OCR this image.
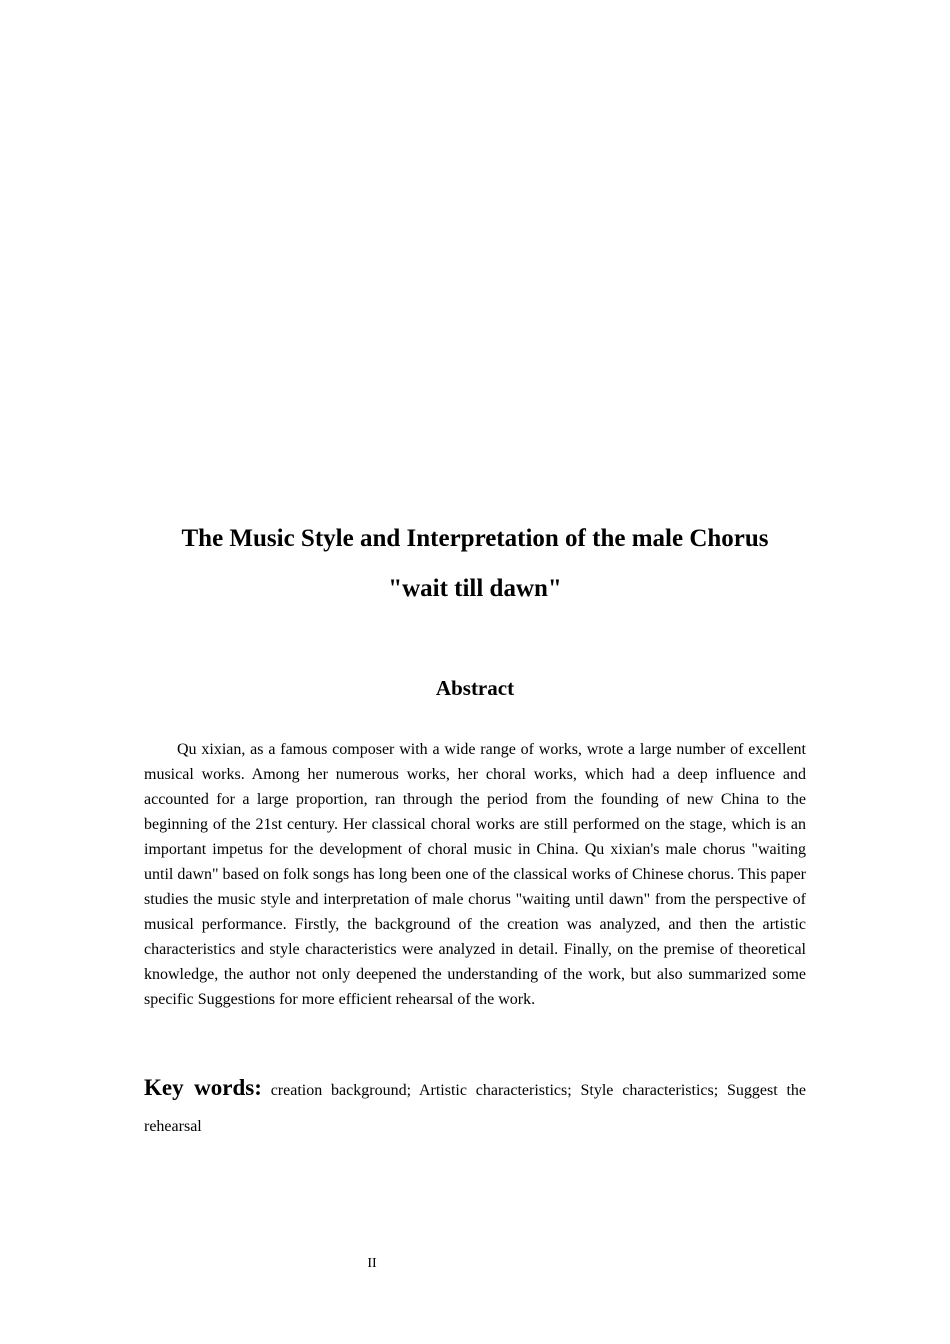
The Music Style and Interpretation of the male Chorus
"wait till dawn"
Abstract

Qu xixian, as a famous composer with a wide range of works, wrote a large number of excellent musical works. Among her numerous works, her choral works, which had a deep influence and accounted for a large proportion, ran through the period from the founding of new China to the beginning of the 21st century. Her classical choral works are still performed on the stage, which is an important impetus for the development of choral music in China. Qu xixian's male chorus "waiting until dawn" based on folk songs has long been one of the classical works of Chinese chorus. This paper studies the music style and interpretation of male chorus "waiting until dawn" from the perspective of musical performance. Firstly, the background of the creation was analyzed, and then the artistic characteristics and style characteristics were analyzed in detail. Finally, on the premise of theoretical knowledge, the author not only deepened the understanding of the work, but also summarized some specific Suggestions for more efficient rehearsal of the work.

Key words: creation background; Artistic characteristics; Style characteristics; Suggest the rehearsal

II
